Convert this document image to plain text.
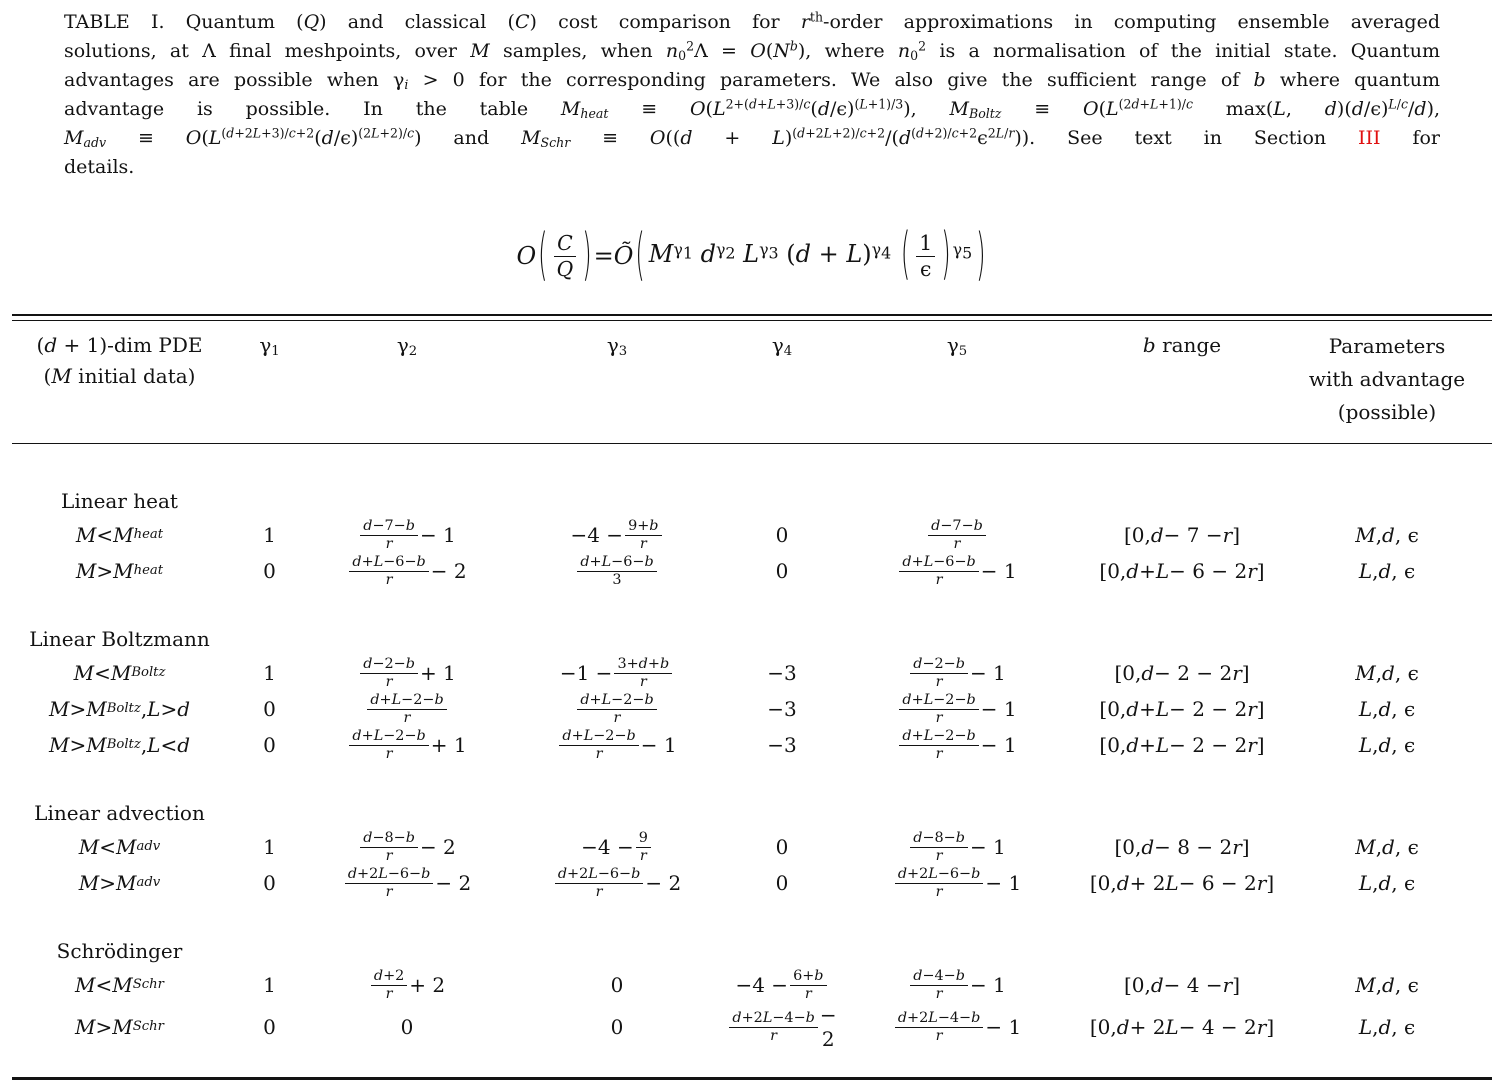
TABLE I. Quantum (Q) and classical (C) cost comparison for $r^{th}$-order approximations in computing ensemble averaged
solutions, at Λ final meshpoints, over M samples, when $n_0^2\Lambda = O(N^b)$, where $n_0^2$ is a normalisation of the initial state. Quantum
advantages are possible when $\gamma_i > 0$ for the corresponding parameters. We also give the sufficient range of b where quantum
advantage is possible. In the table $M_{heat} \equiv O(L^{2+(d+L+3)/c}(d/\epsilon)^{(L+1)/3})$, $M_{Boltz} \equiv O(L^{(2d+L+1)/c}$ max(L, $d)(d/\epsilon)^{L/c}/d$),
$M_{adv} \equiv O(L^{(d+2L+3)/c+2}(d/\epsilon)^{(2L+2)/c})$ and $M_{Schr} \equiv O((d + L)^{(d+2L+2)/c+2}/(d^{(d+2)/c+2}\epsilon^{2L/r}))$. See text in Section III for
details.
O ( $\frac{C}{Q}$ ) = Õ ( $M^{\gamma_1}$ $d^{\gamma_2}$ $L^{\gamma_3}$ $(d + L)^{\gamma_4}$ ( $\frac{1}{\epsilon}$ ) $^{\gamma_5}$ )
(d + 1)-dim PDE
(M initial data)
$\gamma_1$	$\gamma_2$	$\gamma_3$	$\gamma_4$	$\gamma_5$	b range	Parameters
with advantage
(possible)
Linear heat
M < M heat	1	$\frac{d-7-b}{r} - 1$	$-4 - \frac{9+b}{r}$	0	$\frac{d-7-b}{r}$	[0, d − 7 − r ]	M , d , ϵ
M > M heat	0	$\frac{d+L-6-b}{r} - 2$	$\frac{d+L-6-b}{3}$	0	$\frac{d+L-6-b}{r} - 1$	[0, d + L − 6 − 2 r ]	L , d , ϵ
Linear Boltzmann
M < M Boltz	1	$\frac{d-2-b}{r} + 1$	$-1 - \frac{3+d+b}{r}$	−3	$\frac{d-2-b}{r} - 1$	[0, d − 2 − 2 r ]	M , d , ϵ
M > M Boltz , L > d	0	$\frac{d+L-2-b}{r}$	$\frac{d+L-2-b}{r}$	−3	$\frac{d+L-2-b}{r} - 1$	[0, d + L − 2 − 2 r ]	L , d , ϵ
M > M Boltz , L < d	0	$\frac{d+L-2-b}{r} + 1$	$\frac{d+L-2-b}{r} - 1$	−3	$\frac{d+L-2-b}{r} - 1$	[0, d + L − 2 − 2 r ]	L , d , ϵ
Linear advection
M < M adv	1	$\frac{d-8-b}{r} - 2$	$-4 - \frac{9}{r}$	0	$\frac{d-8-b}{r} - 1$	[0, d − 8 − 2 r ]	M , d , ϵ
M > M adv	0	$\frac{d+2L-6-b}{r} - 2$	$\frac{d+2L-6-b}{r} - 2$	0	$\frac{d+2L-6-b}{r} - 1$	[0, d + 2 L − 6 − 2 r ]	L , d , ϵ
Schrödinger
M < M Schr	1	$\frac{d+2}{r} + 2$	0	$-4 - \frac{6+b}{r}$	$\frac{d-4-b}{r} - 1$	[0, d − 4 − r ]	M , d , ϵ
M > M Schr	0	0	0	$\frac{d+2L-4-b}{r} - 2$	$\frac{d+2L-4-b}{r} - 1$	[0, d + 2 L − 4 − 2 r ]	L , d , ϵ
